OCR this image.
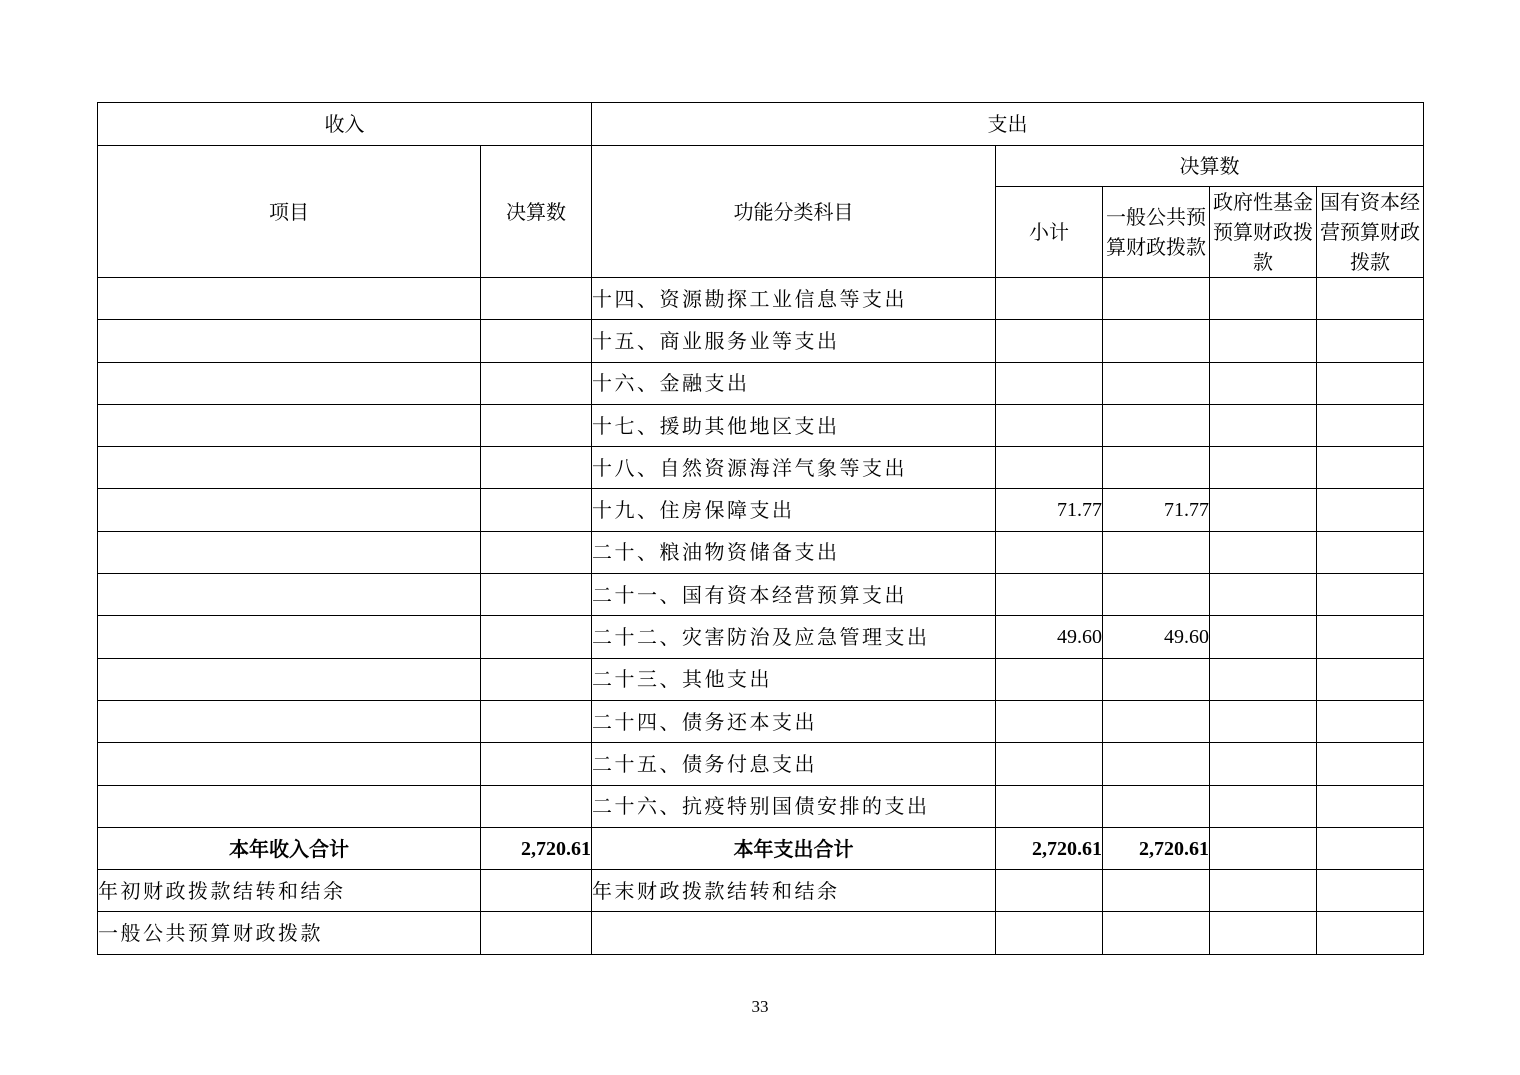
收入		支出				
项目	决算数	功能分类科目	决算数			
			小计	一般公共预算财政拨款	政府性基金预算财政拨款	国有资本经营预算财政拨款
		十四、资源勘探工业信息等支出				
		十五、商业服务业等支出				
		十六、金融支出				
		十七、援助其他地区支出				
		十八、自然资源海洋气象等支出				
		十九、住房保障支出	71.77	71.77		
		二十、粮油物资储备支出				
		二十一、国有资本经营预算支出				
		二十二、灾害防治及应急管理支出	49.60	49.60		
		二十三、其他支出				
		二十四、债务还本支出				
		二十五、债务付息支出				
		二十六、抗疫特别国债安排的支出				
本年收入合计	2,720.61	本年支出合计	2,720.61	2,720.61		
年初财政拨款结转和结余		年末财政拨款结转和结余				
一般公共预算财政拨款						
33
